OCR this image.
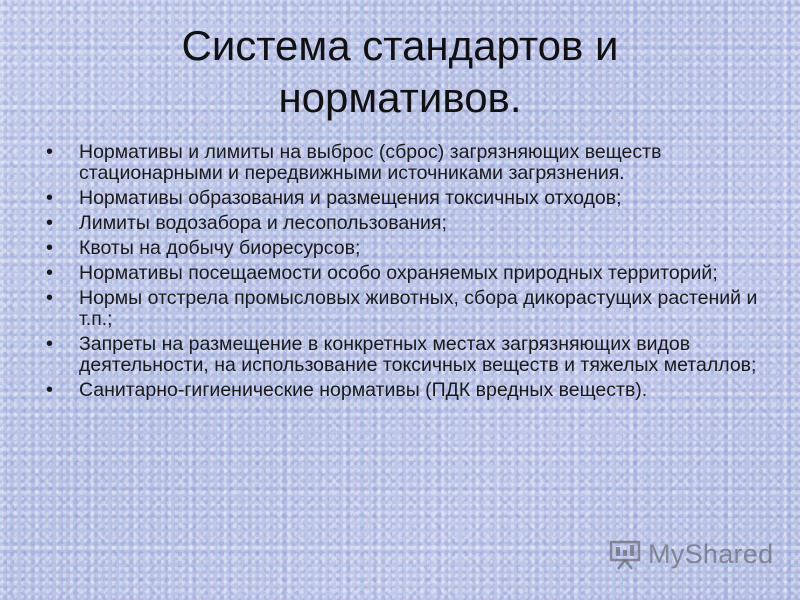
Система стандартов и
нормативов.
• Нормативы и лимиты на выброс (сброс) загрязняющих веществ стационарными и передвижными источниками загрязнения.
• Нормативы образования и размещения токсичных отходов;
• Лимиты водозабора и лесопользования;
• Квоты на добычу биоресурсов;
• Нормативы посещаемости особо охраняемых природных территорий;
• Нормы отстрела промысловых животных, сбора дикорастущих растений и т.п.;
• Запреты на размещение в конкретных местах загрязняющих видов деятельности, на использование токсичных веществ и тяжелых металлов;
• Санитарно-гигиенические нормативы (ПДК вредных веществ).
MyShared
